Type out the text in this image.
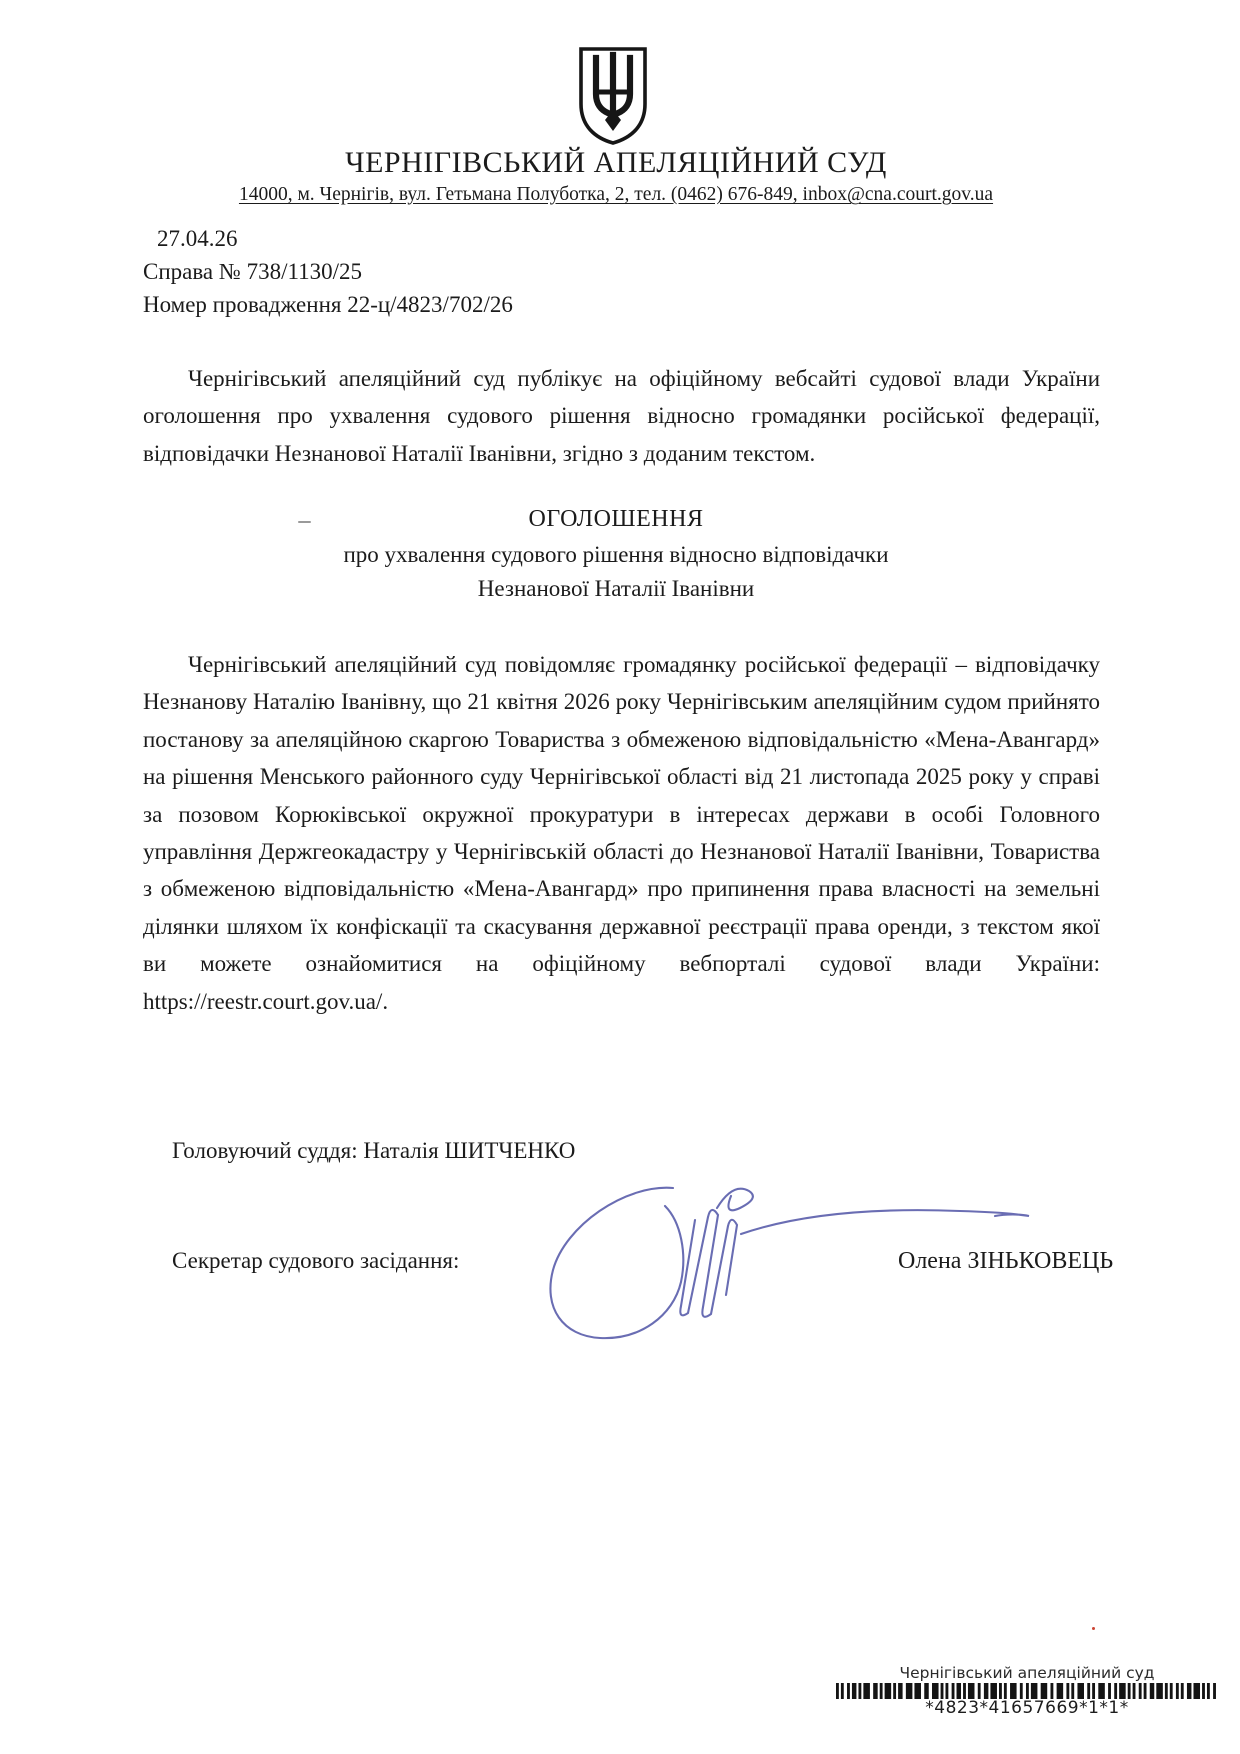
ЧЕРНІГІВСЬКИЙ АПЕЛЯЦІЙНИЙ СУД
14000, м. Чернігів, вул. Гетьмана Полуботка, 2, тел. (0462) 676-849, inbox@cna.court.gov.ua
27.04.26
Справа № 738/1130/25
Номер провадження 22-ц/4823/702/26
Чернігівський апеляційний суд публікує на офіційному вебсайті судової влади України оголошення про ухвалення судового рішення відносно громадянки російської федерації, відповідачки Незнанової Наталії Іванівни, згідно з доданим текстом.
ОГОЛОШЕННЯ
про ухвалення судового рішення відносно відповідачки
Незнанової Наталії Іванівни
Чернігівський апеляційний суд повідомляє громадянку російської федерації – відповідачку Незнанову Наталію Іванівну, що 21 квітня 2026 року Чернігівським апеляційним судом прийнято постанову за апеляційною скаргою Товариства з обмеженою відповідальністю «Мена-Авангард» на рішення Менського районного суду Чернігівської області від 21 листопада 2025 року у справі за позовом Корюківської окружної прокуратури в інтересах держави в особі Головного управління Держгеокадастру у Чернігівській області до Незнанової Наталії Іванівни, Товариства з обмеженою відповідальністю «Мена-Авангард» про припинення права власності на земельні ділянки шляхом їх конфіскації та скасування державної реєстрації права оренди, з текстом якої ви можете ознайомитися на офіційному вебпорталі судової влади України: https://reestr.court.gov.ua/.
Головуючий суддя: Наталія ШИТЧЕНКО
Секретар судового засідання:	Олена ЗІНЬКОВЕЦЬ
Чернігівський апеляційний суд
*4823*41657669*1*1*
